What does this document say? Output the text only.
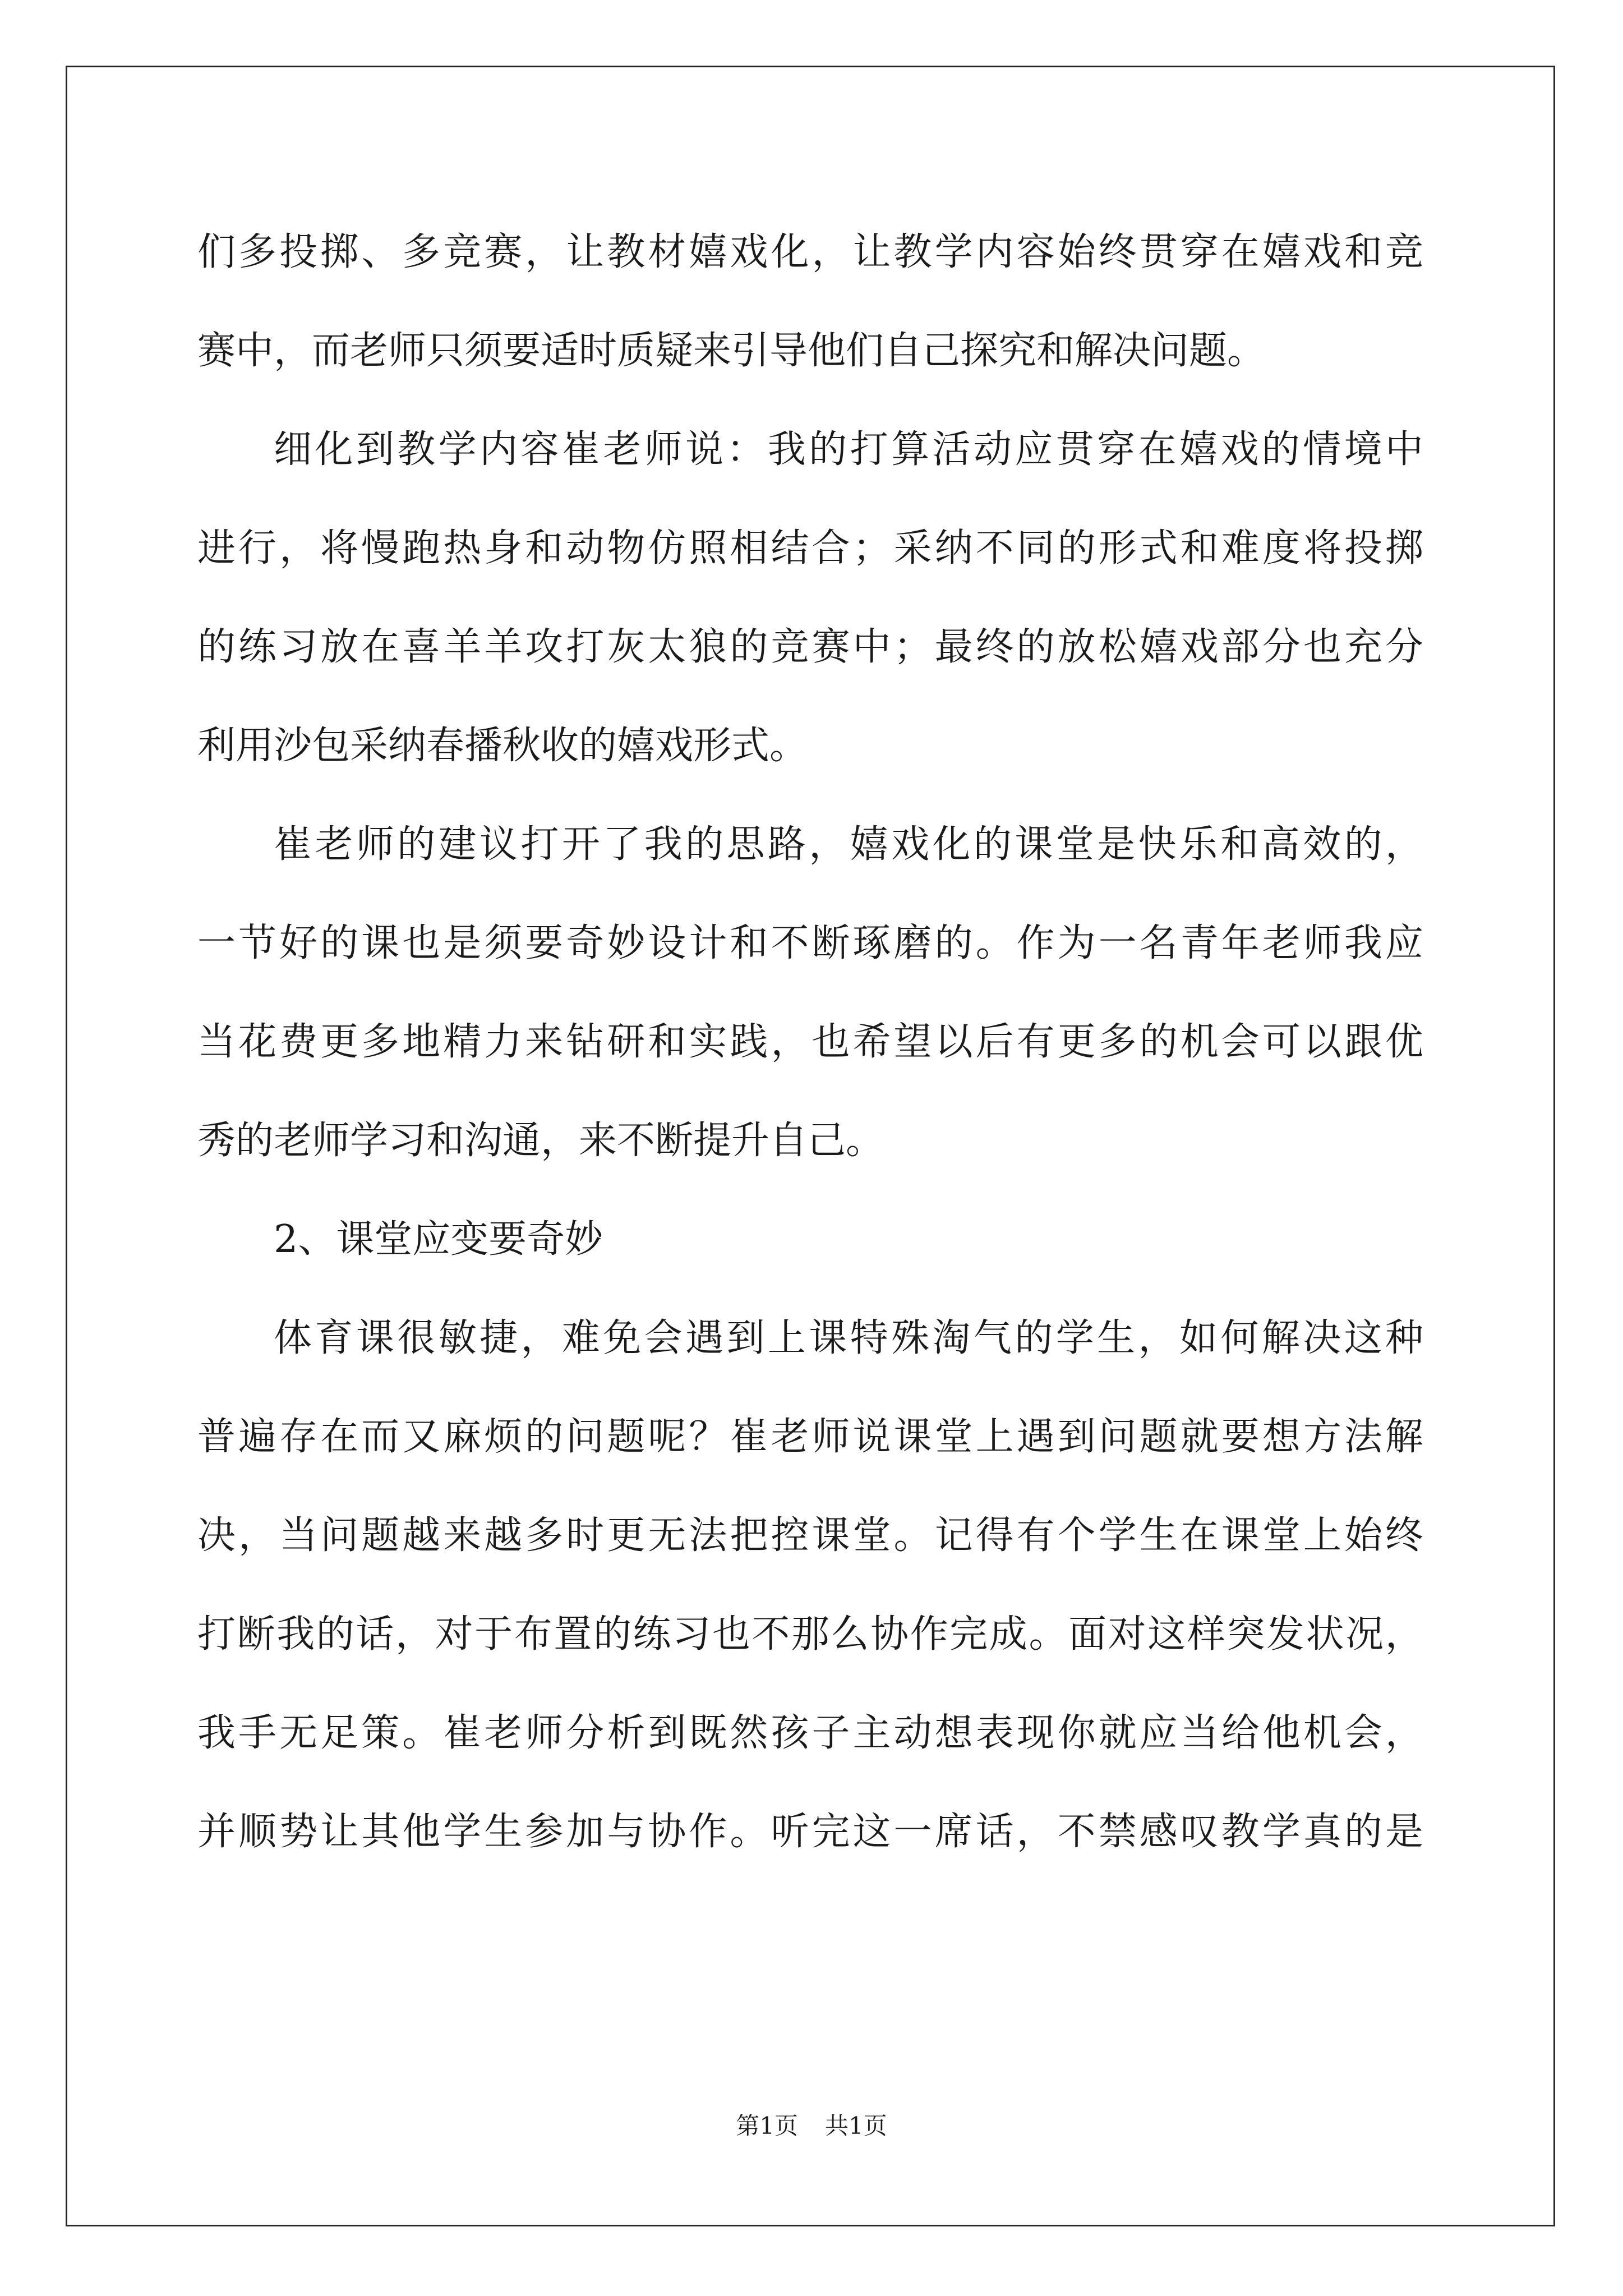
们 多 投 掷 、 多 竞 赛 ， 让 教 材 嬉 戏 化 ， 让 教 学 内 容 始 终 贯 穿 在 嬉 戏 和 竞
赛中，而老师只须要适时质疑来引导他们自己探究和解决问题。
细 化 到 教 学 内 容 崔 老 师 说 ： 我 的 打 算 活 动 应 贯 穿 在 嬉 戏 的 情 境 中
进 行 ， 将 慢 跑 热 身 和 动 物 仿 照 相 结 合 ； 采 纳 不 同 的 形 式 和 难 度 将 投 掷
的 练 习 放 在 喜 羊 羊 攻 打 灰 太 狼 的 竞 赛 中 ； 最 终 的 放 松 嬉 戏 部 分 也 充 分
利用沙包采纳春播秋收的嬉戏形式。
崔 老 师 的 建 议 打 开 了 我 的 思 路 ， 嬉 戏 化 的 课 堂 是 快 乐 和 高 效 的 ，
一 节 好 的 课 也 是 须 要 奇 妙 设 计 和 不 断 琢 磨 的 。 作 为 一 名 青 年 老 师 我 应
当 花 费 更 多 地 精 力 来 钻 研 和 实 践 ， 也 希 望 以 后 有 更 多 的 机 会 可 以 跟 优
秀的老师学习和沟通，来不断提升自己。
2、课堂应变要奇妙
体 育 课 很 敏 捷 ， 难 免 会 遇 到 上 课 特 殊 淘 气 的 学 生 ， 如 何 解 决 这 种
普 遍 存 在 而 又 麻 烦 的 问 题 呢 ？ 崔 老 师 说 课 堂 上 遇 到 问 题 就 要 想 方 法 解
决 ， 当 问 题 越 来 越 多 时 更 无 法 把 控 课 堂 。 记 得 有 个 学 生 在 课 堂 上 始 终
打 断 我 的 话 ， 对 于 布 置 的 练 习 也 不 那 么 协 作 完 成 。 面 对 这 样 突 发 状 况 ，
我 手 无 足 策 。 崔 老 师 分 析 到 既 然 孩 子 主 动 想 表 现 你 就 应 当 给 他 机 会 ，
并 顺 势 让 其 他 学 生 参 加 与 协 作 。 听 完 这 一 席 话 ， 不 禁 感 叹 教 学 真 的 是
第1页 共1页
